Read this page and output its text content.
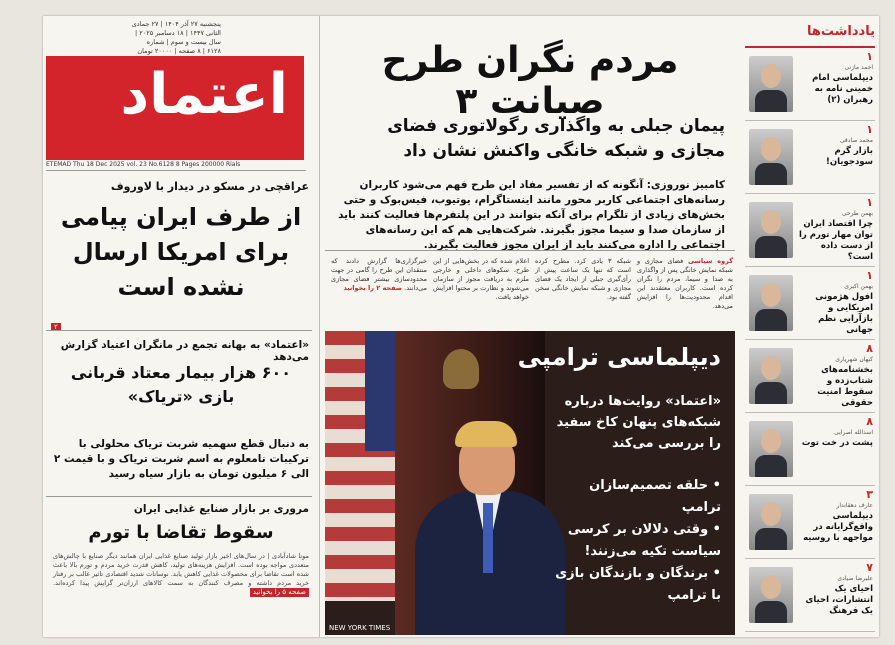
یادداشت‌ها
۱
احمد مازنی
دیپلماسی امام خمینی نامه به رهبران (۲)
۱
محمد صادقی
بازار گرم سودجویان!
۱
بهمن طرحی
چرا اقتصاد ایران توان مهار تورم را از دست داده است؟
۱
بهمن اکبری
افول هژمونی امریکایی و بازآرایی نظم جهانی
۸
کیهان شهریاری
بخشنامه‌های شتاب‌زده و سقوط امنیت حقوقی
۸
اسدالله اصرایی
پشت در خت توت
۳
عارف دهقاندار
دیپلماسی واقع‌گرایانه در مواجهه با روسیه
۷
علیرضا صیادی
احیای یک انتشارات، احیای یک فرهنگ
مردم نگران طرح صیانت ۳
پیمان جبلی به واگذاری رگولاتوری فضای مجازی و شبکه خانگی واکنش نشان داد
کامبیز نوروزی: آنگونه که از تفسیر مفاد این طرح فهم می‌شود کاربران رسانه‌های اجتماعی کاربر محور مانند اینستاگرام، یوتیوب، فیس‌بوک و حتی بخش‌های زیادی از تلگرام برای آنکه بتوانند در این پلتفرم‌ها فعالیت کنند باید از سازمان صدا و سیما مجوز بگیرند. شرکت‌هایی هم که این رسانه‌های اجتماعی را اداره می‌کنند باید از ایران مجوز فعالیت بگیرند.
گروه سیاسی فضای مجازی و شبکه نمایش خانگی پس از واگذاری به صدا و سیما، مردم را نگران کرده است. کاربران معتقدند این اقدام محدودیت‌ها را افزایش می‌دهد.
شبکه ۳ یادی کرد. مطرح کرده است که تنها یک ساعت پیش از رأی‌گیری جبلی از ایجاد یک فضای مجازی و شبکه نمایش خانگی سخن گفته بود.
اعلام شده که در بخش‌هایی از این طرح، سکوهای داخلی و خارجی ملزم به دریافت مجوز از سازمان می‌شوند و نظارت بر محتوا افزایش خواهد یافت.
خبرگزاری‌ها گزارش دادند که منتقدان این طرح را گامی در جهت محدودسازی بیشتر فضای مجازی می‌دانند. صفحه ۲ را بخوانید
دیپلماسی ترامپی
«اعتماد» روایت‌ها درباره شبکه‌های پنهان کاخ سفید را بررسی می‌کند
• حلقه تصمیم‌سازان ترامپ
• وقتی دلالان بر کرسی سیاست تکیه می‌زنند!
• برندگان و بازندگان بازی با ترامپ
NEW YORK TIMES
پنجشنبه ۲۷ آذر ۱۴۰۴ | ۲۷ جمادی الثانی ۱۴۴۷ | ۱۸ دسامبر ۲۰۲۵ | سال بیست و سوم | شماره ۶۱۲۸ | ۸ صفحه | ۲۰۰۰۰ تومان
اعتماد
ETEMAD Thu 18 Dec 2025 vol. 23 No.6128 8 Pages 200000 Rials
عراقچی در مسکو در دیدار با لاوروف
از طرف ایران پیامی برای امریکا ارسال نشده است
۲
«اعتماد» به بهانه تجمع در مانگران اعتیاد گزارش می‌دهد
۶۰۰ هزار بیمار معتاد قربانی بازی «تریاک»
به دنبال قطع سهمیه شربت تریاک محلولی با ترکیبات نامعلوم به اسم شربت تریاک و با قیمت ۲ الی ۶ میلیون تومان به بازار سیاه رسید
مروری بر بازار صنایع غذایی ایران
سقوط تقاضا با تورم
مونا شادآبادی | در سال‌های اخیر بازار تولید صنایع غذایی ایران همانند دیگر صنایع با چالش‌های متعددی مواجه بوده است. افزایش هزینه‌های تولید، کاهش قدرت خرید مردم و تورم بالا باعث شده است تقاضا برای محصولات غذایی کاهش یابد. نوسانات شدید اقتصادی تاثیر غالب بر رفتار خرید مردم داشته و مصرف کنندگان به سمت کالاهای ارزان‌تر گرایش پیدا کرده‌اند. صفحه ۵ را بخوانید
